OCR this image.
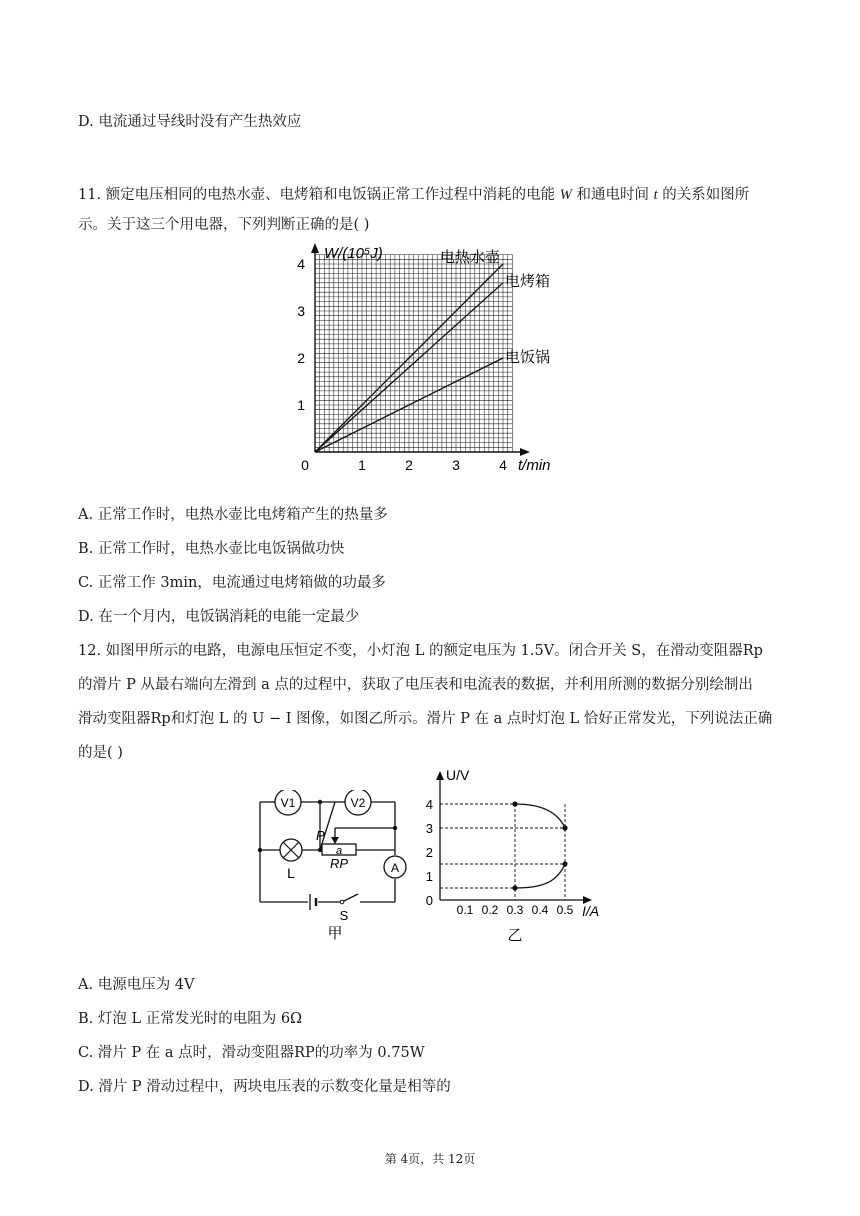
D. 电流通过导线时没有产生热效应
11. 额定电压相同的电热水壶、电烤箱和电饭锅正常工作过程中消耗的电能 W 和通电时间 t 的关系如图所
示。关于这三个用电器，下列判断正确的是( )
W/(10⁵J)
t/min
0	1	2	3	4
1
2
3
4	电热水壶
电烤箱
电饭锅
A. 正常工作时，电热水壶比电烤箱产生的热量多
B. 正常工作时，电热水壶比电饭锅做功快
C. 正常工作 3min，电流通过电烤箱做的功最多
D. 在一个月内，电饭锅消耗的电能一定最少
12. 如图甲所示的电路，电源电压恒定不变，小灯泡 L 的额定电压为 1.5V。闭合开关 S，在滑动变阻器Rp
的滑片 P 从最右端向左滑到 a 点的过程中，获取了电压表和电流表的数据，并利用所测的数据分别绘制出
滑动变阻器Rp和灯泡 L 的 U − I 图像，如图乙所示。滑片 P 在 a 点时灯泡 L 恰好正常发光，下列说法正确
的是( )
V1	V2
L
P
a
RP	A
S
甲
U/V
I/A
0.1 0.2 0.3 0.4 0.5
0
1
2
3
4
乙
A. 电源电压为 4V
B. 灯泡 L 正常发光时的电阻为 6Ω
C. 滑片 P 在 a 点时，滑动变阻器RP的功率为 0.75W
D. 滑片 P 滑动过程中，两块电压表的示数变化量是相等的
第 4页，共 12页
